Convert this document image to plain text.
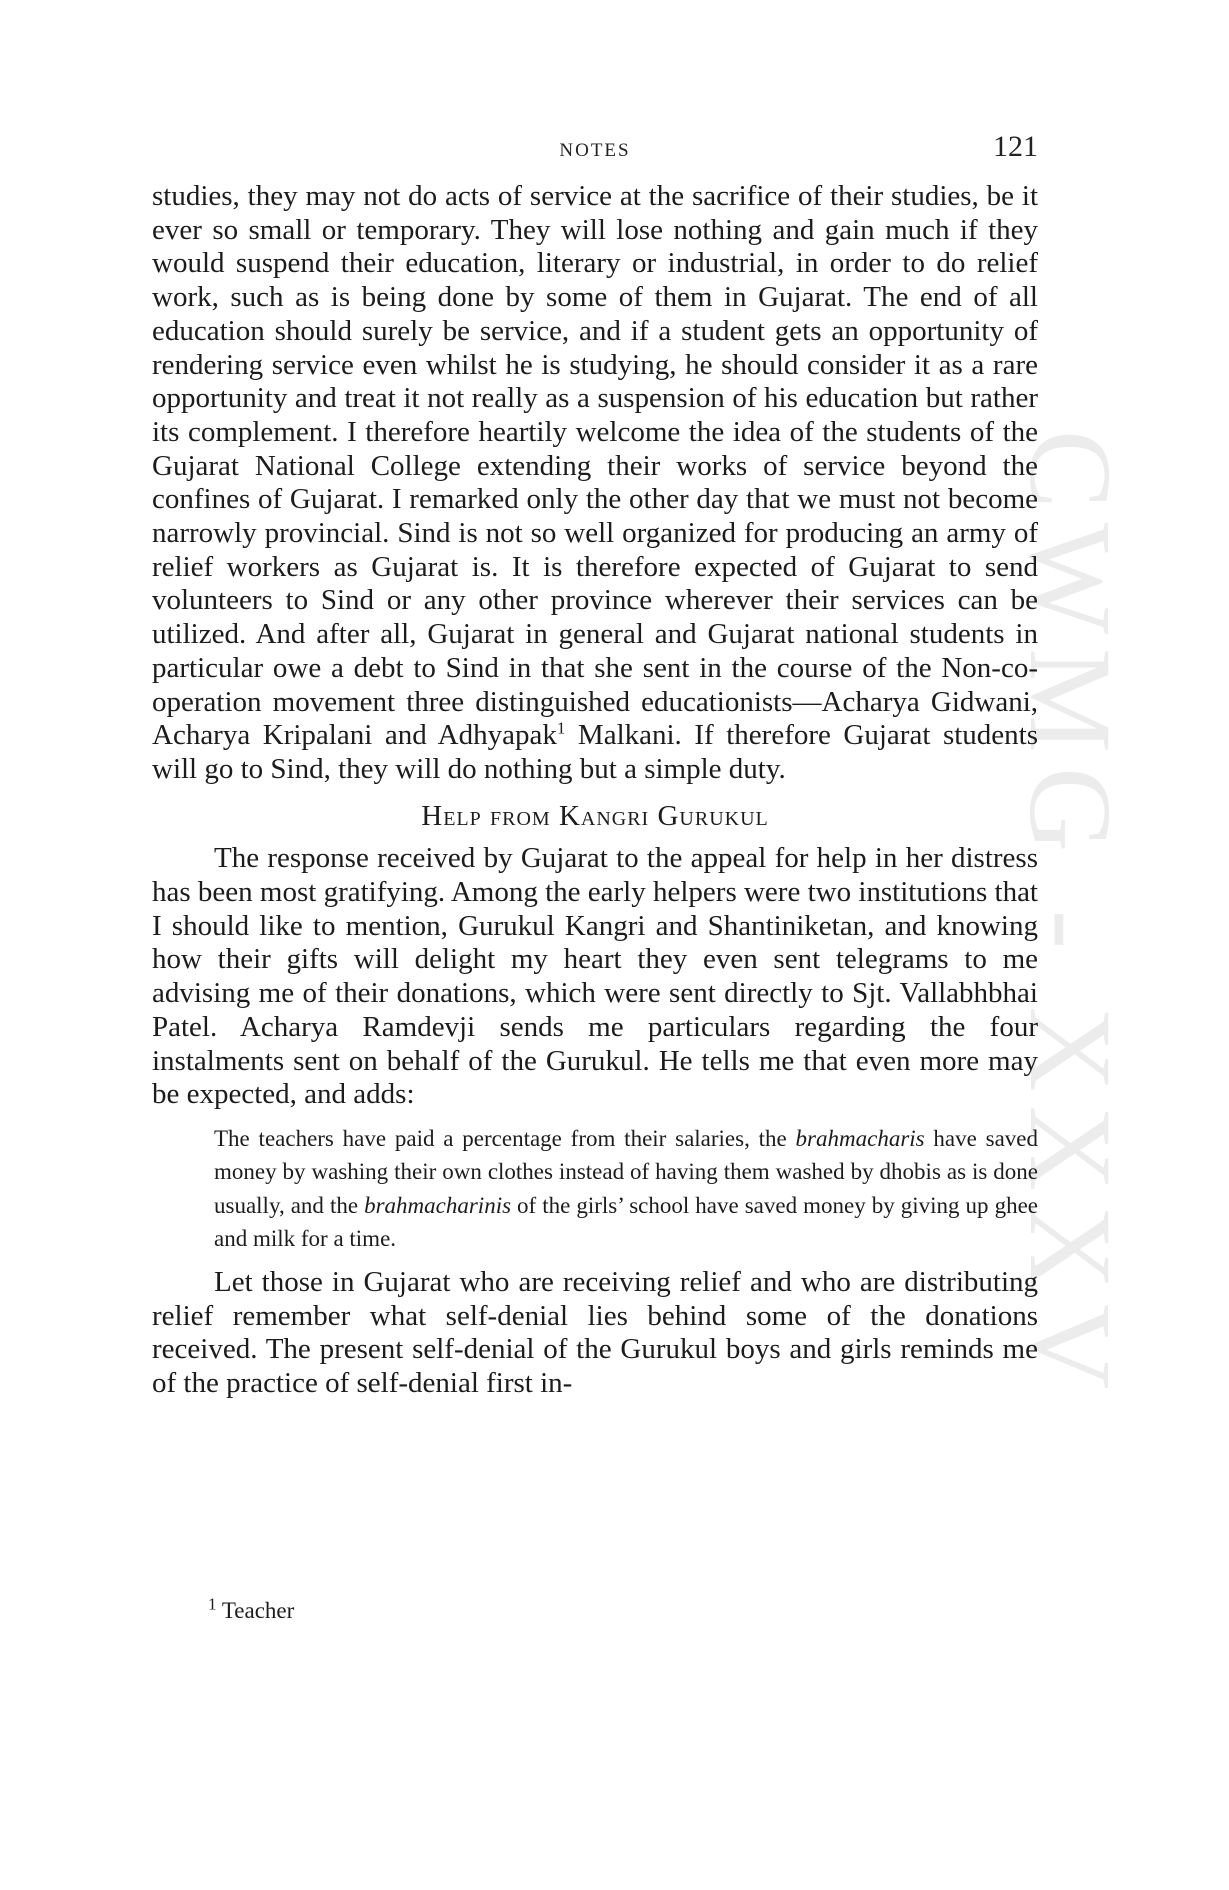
CWMG - XXXV
NOTES	121

studies, they may not do acts of service at the sacrifice of their studies, be it ever so small or temporary. They will lose nothing and gain much if they would suspend their education, literary or industrial, in order to do relief work, such as is being done by some of them in Gujarat. The end of all education should surely be service, and if a student gets an opportunity of rendering service even whilst he is studying, he should consider it as a rare opportunity and treat it not really as a suspension of his education but rather its complement. I therefore heartily welcome the idea of the students of the Gujarat National College extending their works of service beyond the confines of Gujarat. I remarked only the other day that we must not become narrowly provincial. Sind is not so well organized for producing an army of relief workers as Gujarat is. It is therefore expected of Gujarat to send volunteers to Sind or any other province wherever their services can be utilized. And after all, Gujarat in general and Gujarat national students in particular owe a debt to Sind in that she sent in the course of the Non-co-operation movement three distinguished educationists—Acharya Gidwani, Acharya Kripalani and Adhyapak$^1$ Malkani. If therefore Gujarat students will go to Sind, they will do nothing but a simple duty.

Help from Kangri Gurukul

The response received by Gujarat to the appeal for help in her distress has been most gratifying. Among the early helpers were two institutions that I should like to mention, Gurukul Kangri and Shantiniketan, and knowing how their gifts will delight my heart they even sent telegrams to me advising me of their donations, which were sent directly to Sjt. Vallabhbhai Patel. Acharya Ramdevji sends me particulars regarding the four instalments sent on behalf of the Gurukul. He tells me that even more may be expected, and adds:

The teachers have paid a percentage from their salaries, the brahmacharis have saved money by washing their own clothes instead of having them washed by dhobis as is done usually, and the brahmacharinis of the girls’ school have saved money by giving up ghee and milk for a time.

Let those in Gujarat who are receiving relief and who are distributing relief remember what self-denial lies behind some of the donations received. The present self-denial of the Gurukul boys and girls reminds me of the practice of self-denial first in-

$^1$ Teacher
